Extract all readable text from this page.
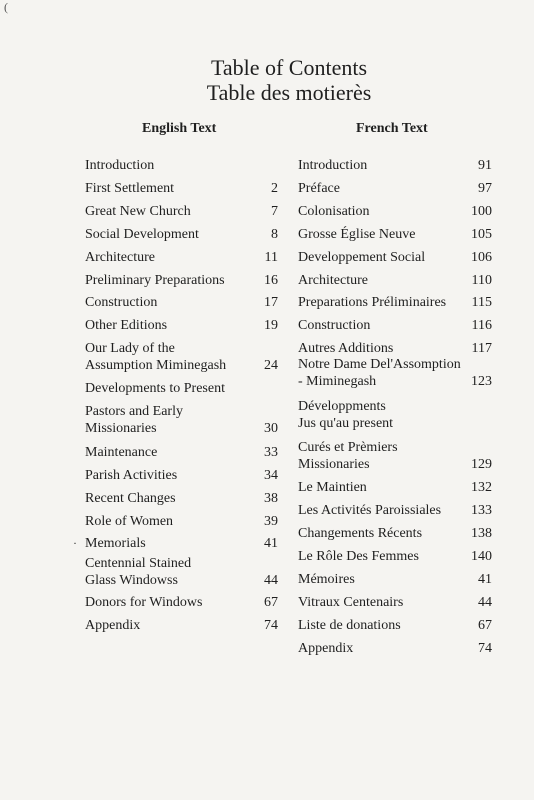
(
Table of Contents
Table des motierès
English Text	French Text
Introduction
First Settlement	2
Great New Church	7
Social Development	8
Architecture	11
Preliminary Preparations	16
Construction	17
Other Editions	19
Our Lady of the
Assumption Miminegash	24
Developments to Present
Pastors and Early
Missionaries	30
Maintenance	33
Parish Activities	34
Recent Changes	38
Role of Women	39
Memorials	41
Centennial Stained
Glass Windowss	44
Donors for Windows	67
Appendix	74
Introduction	91
Préface	97
Colonisation	100
Grosse Église Neuve	105
Developpement Social	106
Architecture	110
Preparations Préliminaires	115
Construction	116
Autres Additions	117
Notre Dame Del'Assomption
- Miminegash	123
Développments
Jus qu'au present
Curés et Prèmiers
Missionaries	129
Le Maintien	132
Les Activités Paroissiales	133
Changements Récents	138
Le Rôle Des Femmes	140
Mémoires	41
Vitraux Centenairs	44
Liste de donations	67
Appendix	74
·
